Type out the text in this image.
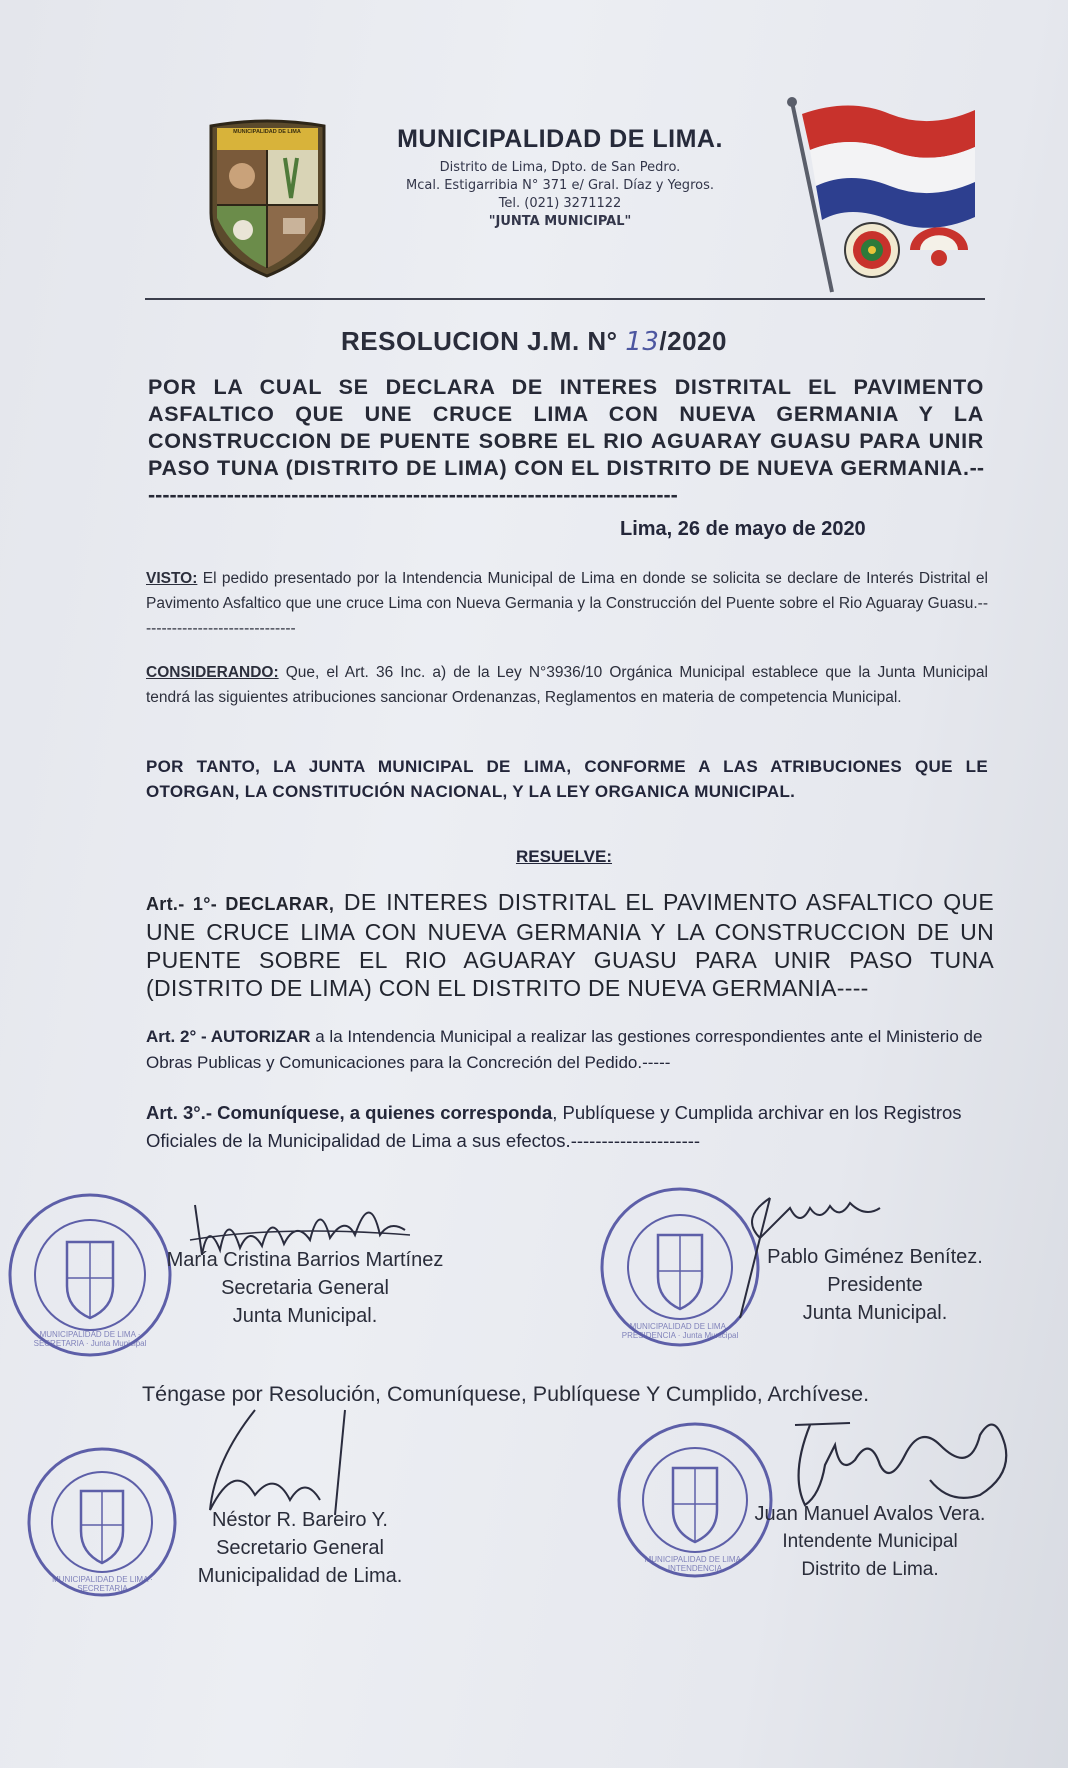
MUNICIPALIDAD DE LIMA	MUNICIPALIDAD DE LIMA.
Distrito de Lima, Dpto. de San Pedro.
Mcal. Estigarribia N° 371 e/ Gral. Díaz y Yegros.
Tel. (021) 3271122
"JUNTA MUNICIPAL"
RESOLUCION J.M. N° 13/2020
POR LA CUAL SE DECLARA DE INTERES DISTRITAL EL PAVIMENTO ASFALTICO QUE UNE CRUCE LIMA CON NUEVA GERMANIA Y LA CONSTRUCCION DE PUENTE SOBRE EL RIO AGUARAY GUASU PARA UNIR PASO TUNA (DISTRITO DE LIMA) CON EL DISTRITO DE NUEVA GERMANIA.----------------------------------------------------------------------------
Lima, 26 de mayo de 2020
VISTO: El pedido presentado por la Intendencia Municipal de Lima en donde se solicita se declare de Interés Distrital el Pavimento Asfaltico que une cruce Lima con Nueva Germania y la Construcción del Puente sobre el Rio Aguaray Guasu.-------------------------------
CONSIDERANDO: Que, el Art. 36 Inc. a) de la Ley N°3936/10 Orgánica Municipal establece que la Junta Municipal tendrá las siguientes atribuciones sancionar Ordenanzas, Reglamentos en materia de competencia Municipal.
POR TANTO, LA JUNTA MUNICIPAL DE LIMA, CONFORME A LAS ATRIBUCIONES QUE LE OTORGAN, LA CONSTITUCIÓN NACIONAL, Y LA LEY ORGANICA MUNICIPAL.
RESUELVE:
Art.- 1°- DECLARAR, DE INTERES DISTRITAL EL PAVIMENTO ASFALTICO QUE UNE CRUCE LIMA CON NUEVA GERMANIA Y LA CONSTRUCCION DE UN PUENTE SOBRE EL RIO AGUARAY GUASU PARA UNIR PASO TUNA (DISTRITO DE LIMA) CON EL DISTRITO DE NUEVA GERMANIA----
Art. 2° - AUTORIZAR a la Intendencia Municipal a realizar las gestiones correspondientes ante el Ministerio de Obras Publicas y Comunicaciones para la Concreción del Pedido.-----
Art. 3°.- Comuníquese, a quienes corresponda, Publíquese y Cumplida archivar en los Registros Oficiales de la Municipalidad de Lima a sus efectos.---------------------
MUNICIPALIDAD DE LIMA · SECRETARIA · Junta Municipal
María Cristina Barrios Martínez
Secretaria General
Junta Municipal.	MUNICIPALIDAD DE LIMA · PRESIDENCIA · Junta Municipal
Pablo Giménez Benítez.
Presidente
Junta Municipal.
Téngase por Resolución, Comuníquese, Publíquese Y Cumplido, Archívese.
MUNICIPALIDAD DE LIMA · SECRETARIA
Néstor R. Bareiro Y.
Secretario General
Municipalidad de Lima.
MUNICIPALIDAD DE LIMA · INTENDENCIA
Juan Manuel Avalos Vera.
Intendente Municipal
Distrito de Lima.
